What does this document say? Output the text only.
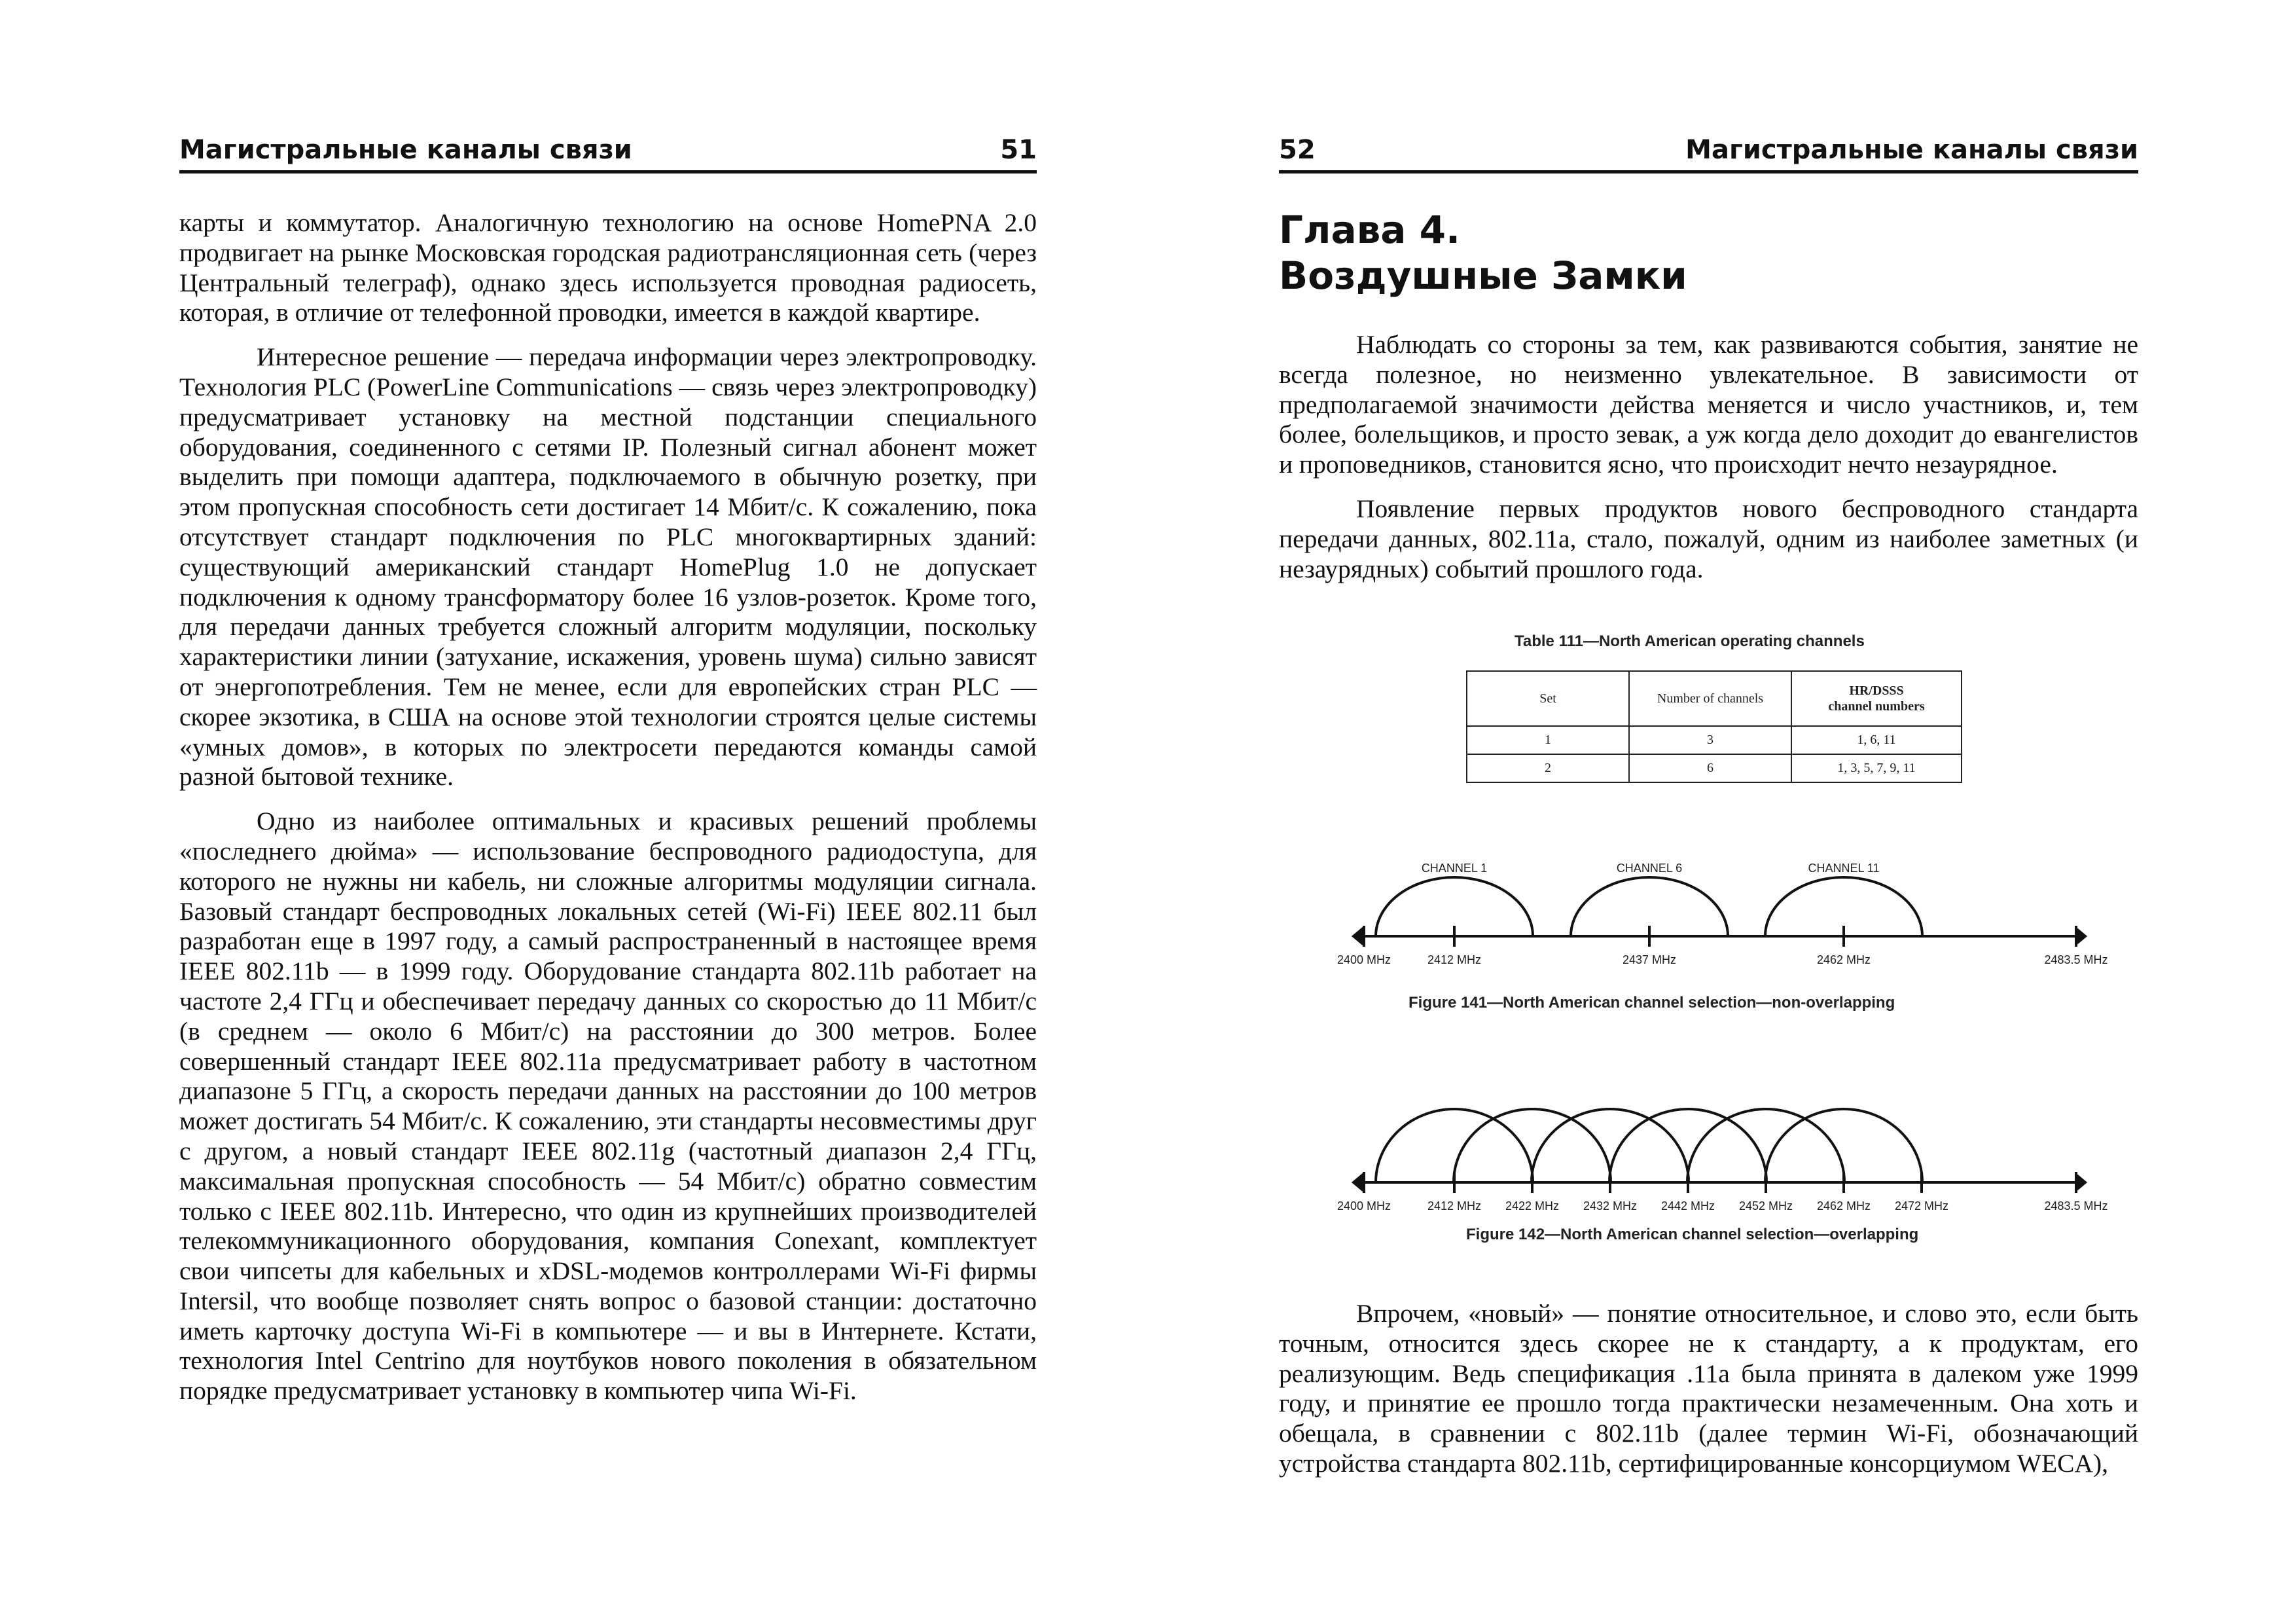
Магистральные каналы связи	51

карты и коммутатор. Аналогичную технологию на основе HomePNA 2.0 продвигает на рынке Московская городская радиотрансляционная сеть (через Центральный телеграф), однако здесь используется проводная радиосеть, которая, в отличие от телефонной проводки, имеется в каждой квартире.

Интересное решение — передача информации через электропроводку. Технология PLC (PowerLine Communications — связь через электропроводку) предусматривает установку на местной подстанции специального оборудования, соединенного с сетями IP. Полезный сигнал абонент может выделить при помощи адаптера, подключаемого в обычную розетку, при этом пропускная способность сети достигает 14 Мбит/с. К сожалению, пока отсутствует стандарт подключения по PLC многоквартирных зданий: существующий американский стандарт HomePlug 1.0 не допускает подключения к одному трансформатору более 16 узлов-розеток. Кроме того, для передачи данных требуется сложный алгоритм модуляции, поскольку характеристики линии (затухание, искажения, уровень шума) сильно зависят от энергопотребления. Тем не менее, если для европейских стран PLC — скорее экзотика, в США на основе этой технологии строятся целые системы «умных домов», в которых по электросети передаются команды самой разной бытовой технике.

Одно из наиболее оптимальных и красивых решений проблемы «последнего дюйма» — использование беспроводного радиодоступа, для которого не нужны ни кабель, ни сложные алгоритмы модуляции сигнала. Базовый стандарт беспроводных локальных сетей (Wi-Fi) IEEE 802.11 был разработан еще в 1997 году, а самый распространенный в настоящее время IEEE 802.11b — в 1999 году. Оборудование стандарта 802.11b работает на частоте 2,4 ГГц и обеспечивает передачу данных со скоростью до 11 Мбит/с (в среднем — около 6 Мбит/с) на расстоянии до 300 метров. Более совершенный стандарт IEEE 802.11a предусматривает работу в частотном диапазоне 5 ГГц, а скорость передачи данных на расстоянии до 100 метров может достигать 54 Мбит/с. К сожалению, эти стандарты несовместимы друг с другом, а новый стандарт IEEE 802.11g (частотный диапазон 2,4 ГГц, максимальная пропускная способность — 54 Мбит/с) обратно совместим только с IEEE 802.11b. Интересно, что один из крупнейших производителей телекоммуникационного оборудования, компания Conexant, комплектует свои чипсеты для кабельных и xDSL-модемов контроллерами Wi-Fi фирмы Intersil, что вообще позволяет снять вопрос о базовой станции: достаточно иметь карточку доступа Wi-Fi в компьютере — и вы в Интернете. Кстати, технология Intel Centrino для ноутбуков нового поколения в обязательном порядке предусматривает установку в компьютер чипа Wi-Fi.

52	Магистральные каналы связи
Глава 4.
Воздушные Замки

Наблюдать со стороны за тем, как развиваются события, занятие не всегда полезное, но неизменно увлекательное. В зависимости от предполагаемой значимости действа меняется и число участников, и, тем более, болельщиков, и просто зевак, а уж когда дело доходит до евангелистов и проповедников, становится ясно, что происходит нечто незаурядное.

Появление первых продуктов нового беспроводного стандарта передачи данных, 802.11a, стало, пожалуй, одним из наиболее заметных (и незаурядных) событий прошлого года.

Table 111—North American operating channels
Set	Number of channels	HR/DSSS channel numbers

1	3	1, 6, 11
2	6	1, 3, 5, 7, 9, 11
CHANNEL 1	CHANNEL 6	CHANNEL 11
2400 MHz	2412 MHz	2437 MHz	2462 MHz	2483.5 MHz
Figure 141—North American channel selection—non-overlapping
2400 MHz	2412 MHz 2422 MHz 2432 MHz 2442 MHz 2452 MHz 2462 MHz 2472 MHz	2483.5 MHz
Figure 142—North American channel selection—overlapping

Впрочем, «новый» — понятие относительное, и слово это, если быть точным, относится здесь скорее не к стандарту, а к продуктам, его реализующим. Ведь спецификация .11a была принята в далеком уже 1999 году, и принятие ее прошло тогда практически незамеченным. Она хоть и обещала, в сравнении с 802.11b (далее термин Wi-Fi, обозначающий устройства стандарта 802.11b, сертифицированные консорциумом WECA),
